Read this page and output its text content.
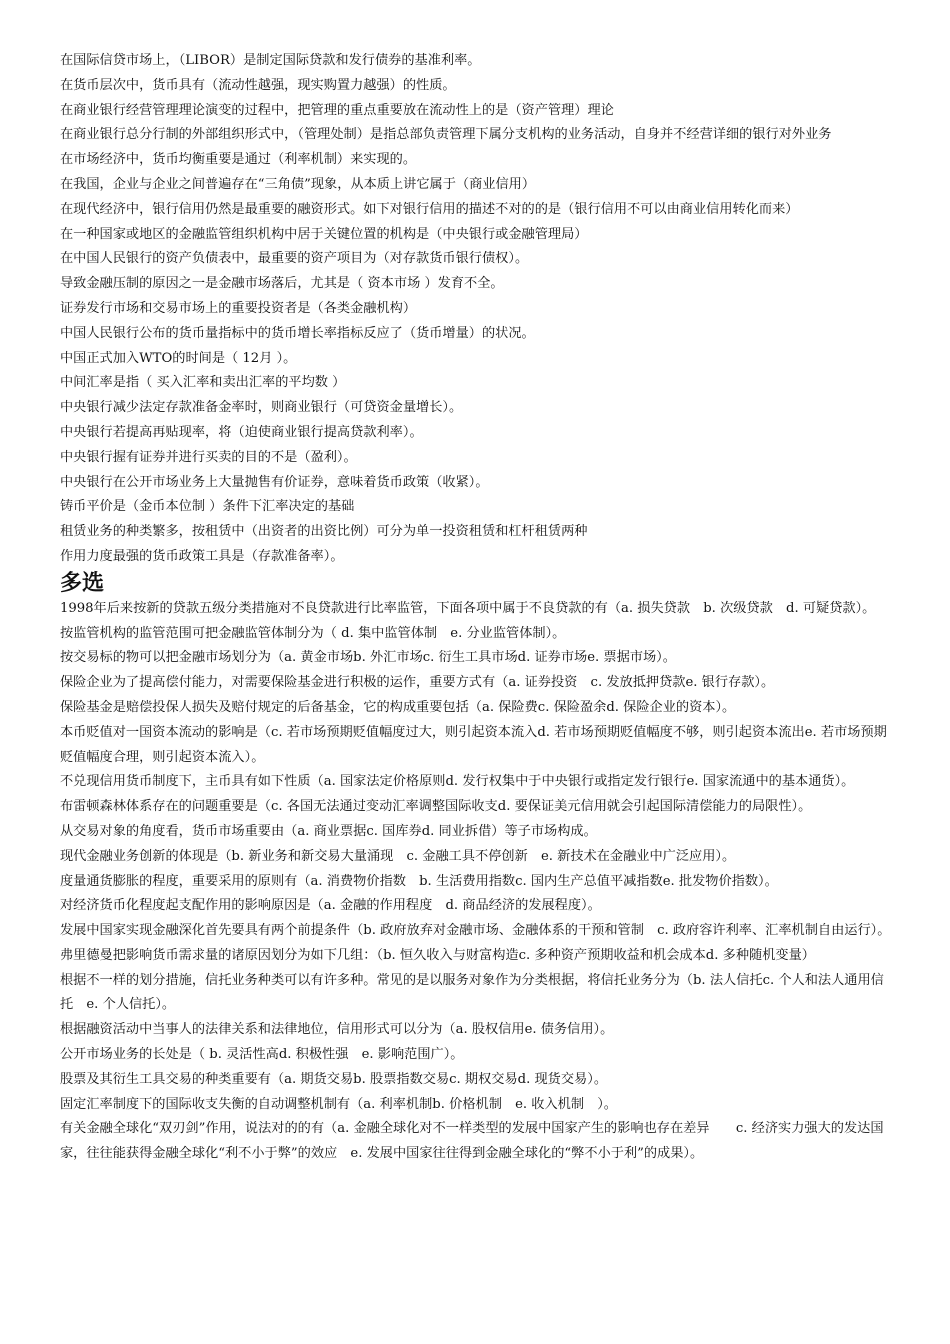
在国际信贷市场上，（LIBOR）是制定国际贷款和发行债券的基准利率。

在货币层次中，货币具有（流动性越强，现实购置力越强）的性质。

在商业银行经营管理理论演变的过程中，把管理的重点重要放在流动性上的是（资产管理）理论

在商业银行总分行制的外部组织形式中，（管理处制）是指总部负责管理下属分支机构的业务活动，自身并不经营详细的银行对外业务

在市场经济中，货币均衡重要是通过（利率机制）来实现的。

在我国，企业与企业之间普遍存在“三角债”现象，从本质上讲它属于（商业信用）

在现代经济中，银行信用仍然是最重要的融资形式。如下对银行信用的描述不对的的是（银行信用不可以由商业信用转化而来）

在一种国家或地区的金融监管组织机构中居于关键位置的机构是（中央银行或金融管理局）

在中国人民银行的资产负债表中，最重要的资产项目为（对存款货币银行债权）。

导致金融压制的原因之一是金融市场落后，尤其是（ 资本市场 ）发育不全。

证券发行市场和交易市场上的重要投资者是（各类金融机构）

中国人民银行公布的货币量指标中的货币增长率指标反应了（货币增量）的状况。

中国正式加入WTO的时间是（ 12月 ）。

中间汇率是指（ 买入汇率和卖出汇率的平均数 ）

中央银行减少法定存款准备金率时，则商业银行（可贷资金量增长）。

中央银行若提高再贴现率，将（迫使商业银行提高贷款利率）。

中央银行握有证券并进行买卖的目的不是（盈利）。

中央银行在公开市场业务上大量抛售有价证券，意味着货币政策（收紧）。

铸币平价是（金币本位制 ）条件下汇率决定的基础

租赁业务的种类繁多，按租赁中（出资者的出资比例）可分为单一投资租赁和杠杆租赁两种

作用力度最强的货币政策工具是（存款准备率）。

多选

1998年后来按新的贷款五级分类措施对不良贷款进行比率监管，下面各项中属于不良贷款的有（a. 损失贷款　b. 次级贷款　d. 可疑贷款）。

按监管机构的监管范围可把金融监管体制分为（ d. 集中监管体制　e. 分业监管体制）。

按交易标的物可以把金融市场划分为（a. 黄金市场b. 外汇市场c. 衍生工具市场d. 证券市场e. 票据市场）。

保险企业为了提高偿付能力，对需要保险基金进行积极的运作，重要方式有（a. 证券投资　c. 发放抵押贷款e. 银行存款）。

保险基金是赔偿投保人损失及赔付规定的后备基金，它的构成重要包括（a. 保险费c. 保险盈余d. 保险企业的资本）。

本币贬值对一国资本流动的影响是（c. 若市场预期贬值幅度过大，则引起资本流入d. 若市场预期贬值幅度不够，则引起资本流出e. 若市场预期贬值幅度合理，则引起资本流入）。

不兑现信用货币制度下，主币具有如下性质（a. 国家法定价格原则d. 发行权集中于中央银行或指定发行银行e. 国家流通中的基本通货）。

布雷顿森林体系存在的问题重要是（c. 各国无法通过变动汇率调整国际收支d. 要保证美元信用就会引起国际清偿能力的局限性）。

从交易对象的角度看，货币市场重要由（a. 商业票据c. 国库券d. 同业拆借）等子市场构成。

现代金融业务创新的体现是（b. 新业务和新交易大量涌现　c. 金融工具不停创新　e. 新技术在金融业中广泛应用）。

度量通货膨胀的程度，重要采用的原则有（a. 消费物价指数　b. 生活费用指数c. 国内生产总值平减指数e. 批发物价指数）。

对经济货币化程度起支配作用的影响原因是（a. 金融的作用程度　d. 商品经济的发展程度）。

发展中国家实现金融深化首先要具有两个前提条件（b. 政府放弃对金融市场、金融体系的干预和管制　c. 政府容许利率、汇率机制自由运行）。

弗里德曼把影响货币需求量的诸原因划分为如下几组：（b. 恒久收入与财富构造c. 多种资产预期收益和机会成本d. 多种随机变量）

根据不一样的划分措施，信托业务种类可以有许多种。常见的是以服务对象作为分类根据，将信托业务分为（b. 法人信托c. 个人和法人通用信托　e. 个人信托）。

根据融资活动中当事人的法律关系和法律地位，信用形式可以分为（a. 股权信用e. 债务信用）。

公开市场业务的长处是（ b. 灵活性高d. 积极性强　e. 影响范围广）。

股票及其衍生工具交易的种类重要有（a. 期货交易b. 股票指数交易c. 期权交易d. 现货交易）。

固定汇率制度下的国际收支失衡的自动调整机制有（a. 利率机制b. 价格机制　e. 收入机制　）。

有关金融全球化“双刃剑”作用，说法对的的有（a. 金融全球化对不一样类型的发展中国家产生的影响也存在差异　　c. 经济实力强大的发达国家，往往能获得金融全球化“利不小于弊”的效应　e. 发展中国家往往得到金融全球化的“弊不小于利”的成果）。
